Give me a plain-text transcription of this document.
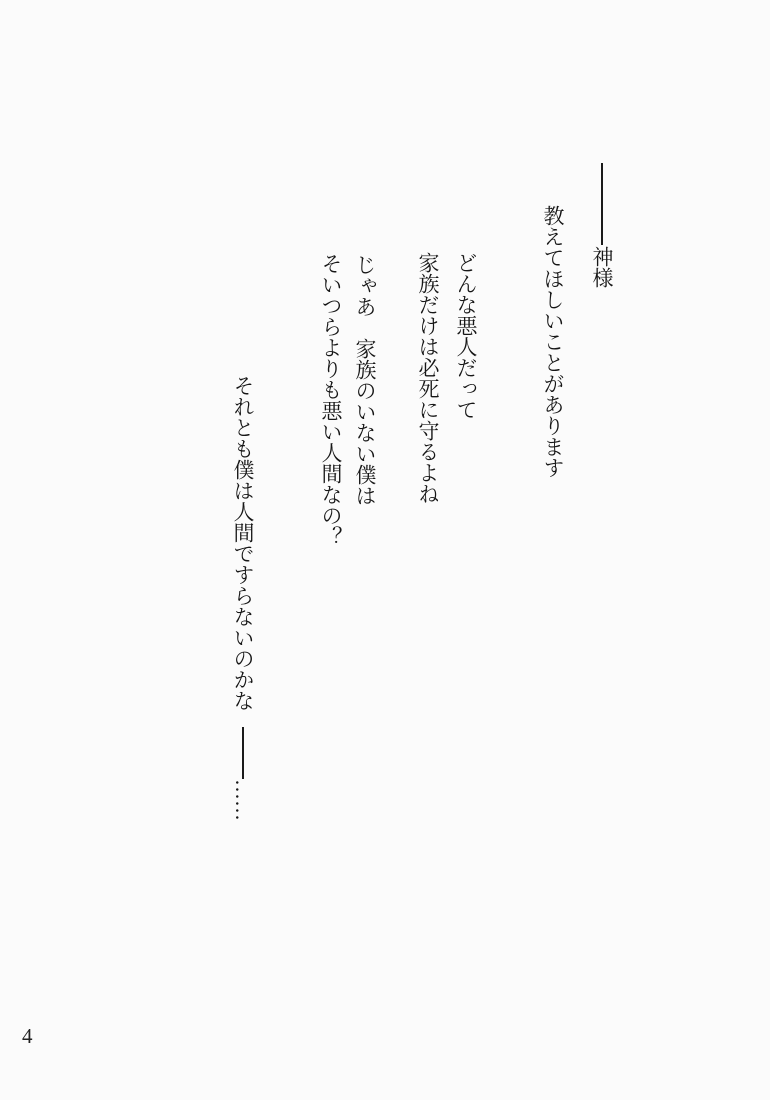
神様
教えてほしいことがあります
どんな悪人だって
家族だけは必死に守るよね
じゃあ　家族のいない僕は
そいつらよりも悪い人間なの？
それとも僕は人間ですらないのかな
……
4
